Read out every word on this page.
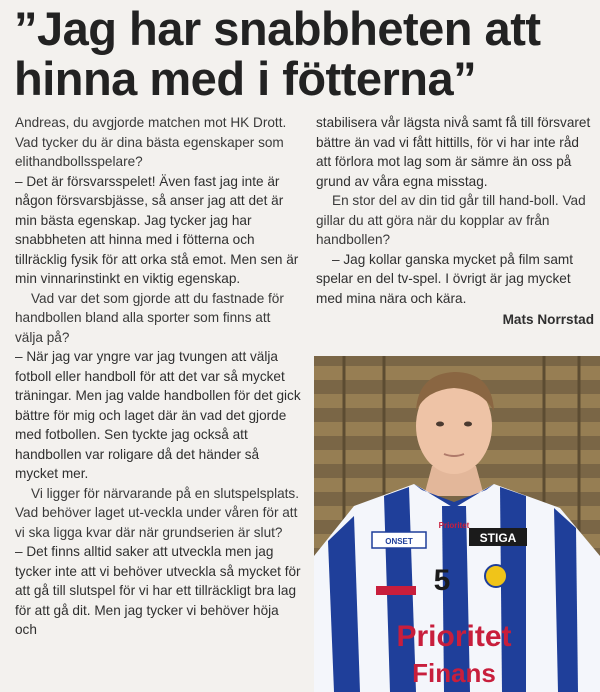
”Jag har snabbheten att hinna med i fötterna”

Andreas, du avgjorde matchen mot HK Drott. Vad tycker du är dina bästa egenskaper som elithandbollsspelare?

– Det är försvarsspelet! Även fast jag inte är någon försvarsbjässe, så anser jag att det är min bästa egenskap. Jag tycker jag har snabbheten att hinna med i fötterna och tillräcklig fysik för att orka stå emot. Men sen är min vinnarinstinkt en viktig egenskap.

Vad var det som gjorde att du fastnade för handbollen bland alla sporter som finns att välja på?

– När jag var yngre var jag tvungen att välja fotboll eller handboll för att det var så mycket träningar. Men jag valde handbollen för det gick bättre för mig och laget där än vad det gjorde med fotbollen. Sen tyckte jag också att handbollen var roligare då det händer så mycket mer.

Vi ligger för närvarande på en slutspelsplats. Vad behöver laget ut-veckla under våren för att vi ska ligga kvar där när grundserien är slut?

– Det finns alltid saker att utveckla men jag tycker inte att vi behöver utveckla så mycket för att gå till slutspel för vi har ett tillräckligt bra lag för att gå dit. Men jag tycker vi behöver höja och

stabilisera vår lägsta nivå samt få till försvaret bättre än vad vi fått hittills, för vi har inte råd att förlora mot lag som är sämre än oss på grund av våra egna misstag.

En stor del av din tid går till hand-boll. Vad gillar du att göra när du kopplar av från handbollen?

– Jag kollar ganska mycket på film samt spelar en del tv-spel. I övrigt är jag mycket med mina nära och kära.

Mats Norrstad

ONSET	STIGA
Prioritet
5
Prioritet
Finans
